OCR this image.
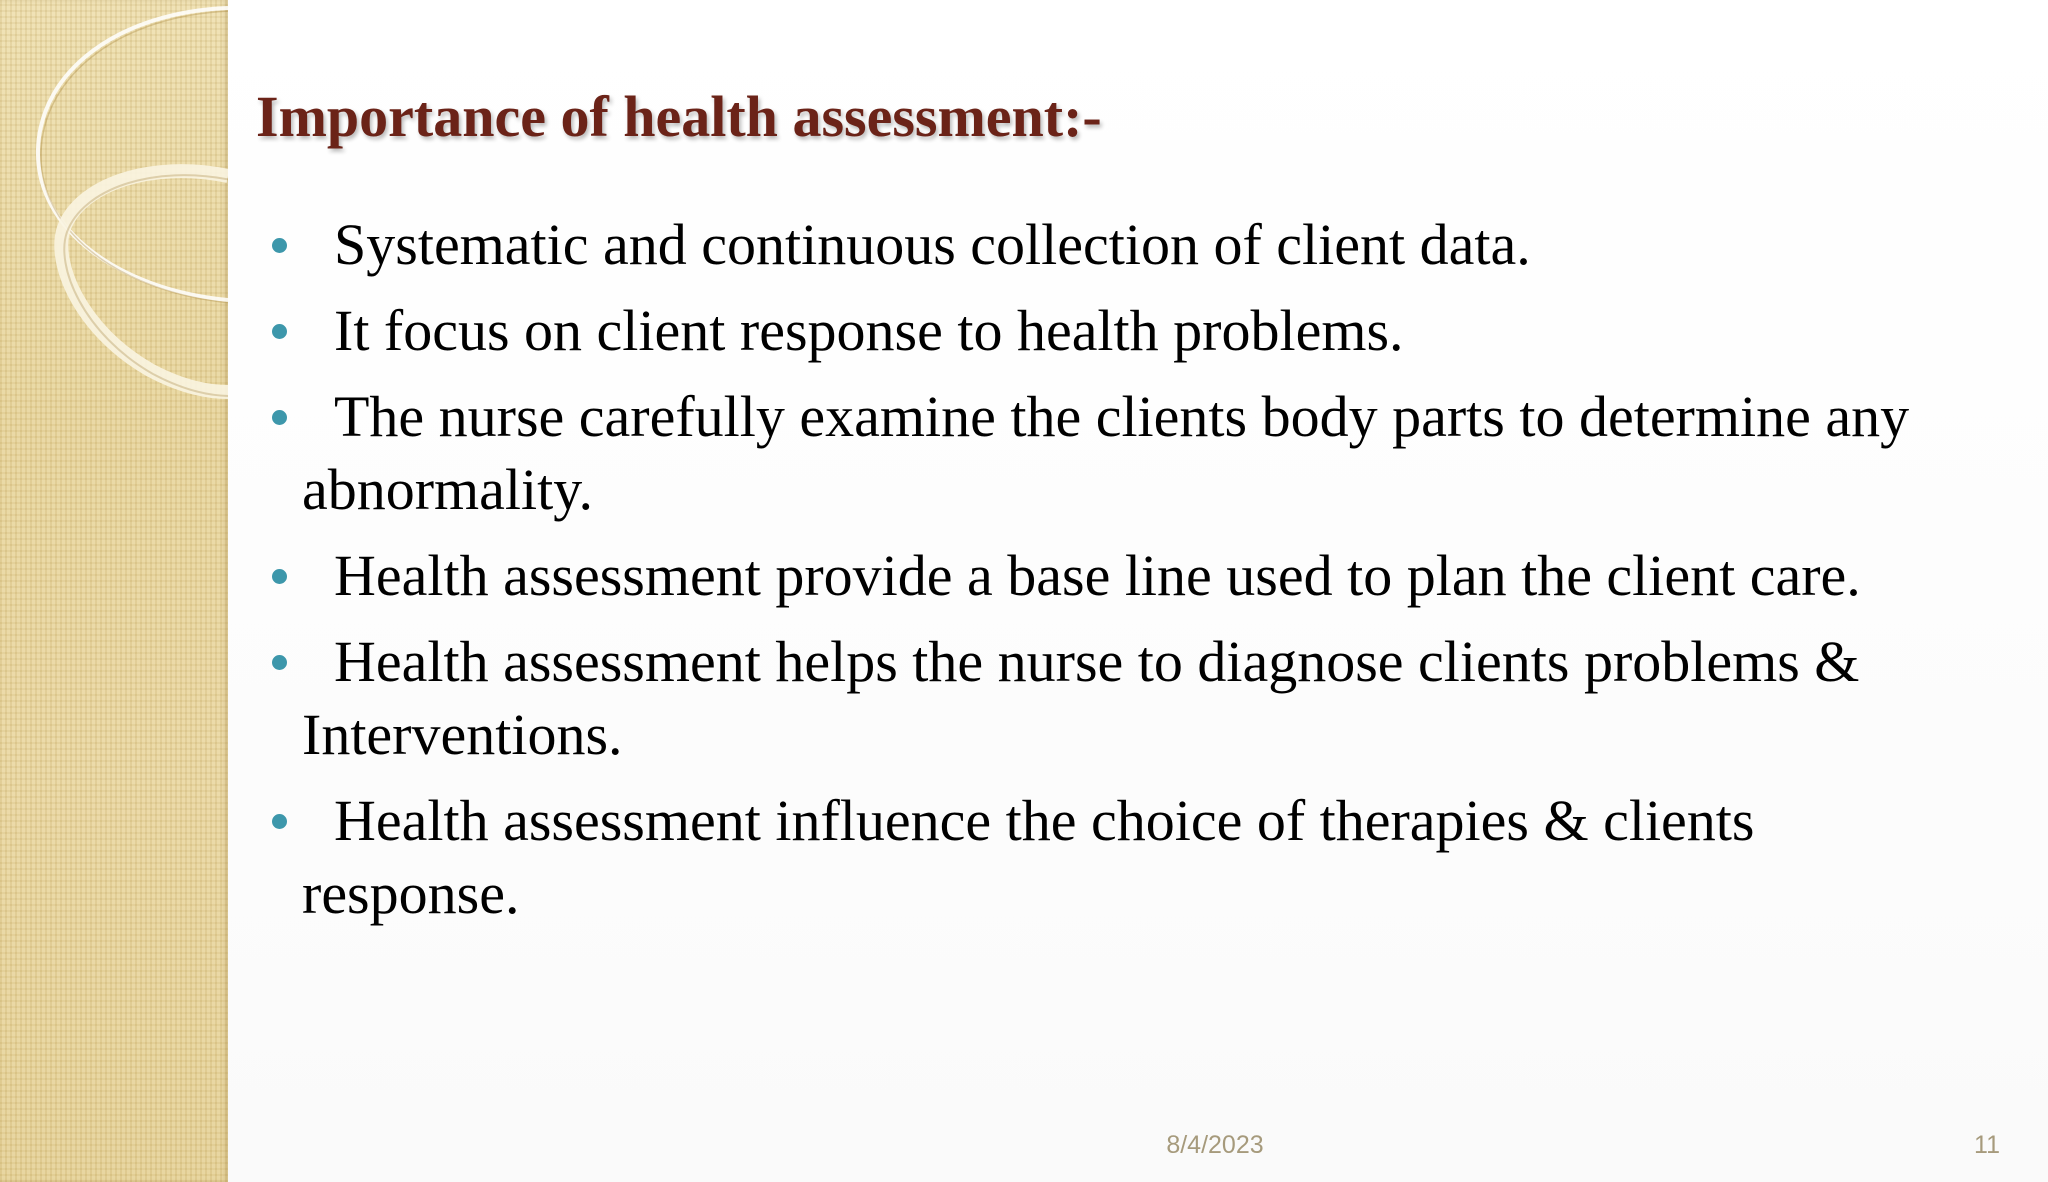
Importance of health assessment:-
Systematic and continuous collection of client data.
It focus on client response to health problems.
The nurse carefully examine the clients body parts to determine any abnormality.
Health assessment provide a base line used to plan the client care.
Health assessment helps the nurse to diagnose clients problems & Interventions.
Health assessment influence the choice of therapies & clients response.
8/4/2023	11
